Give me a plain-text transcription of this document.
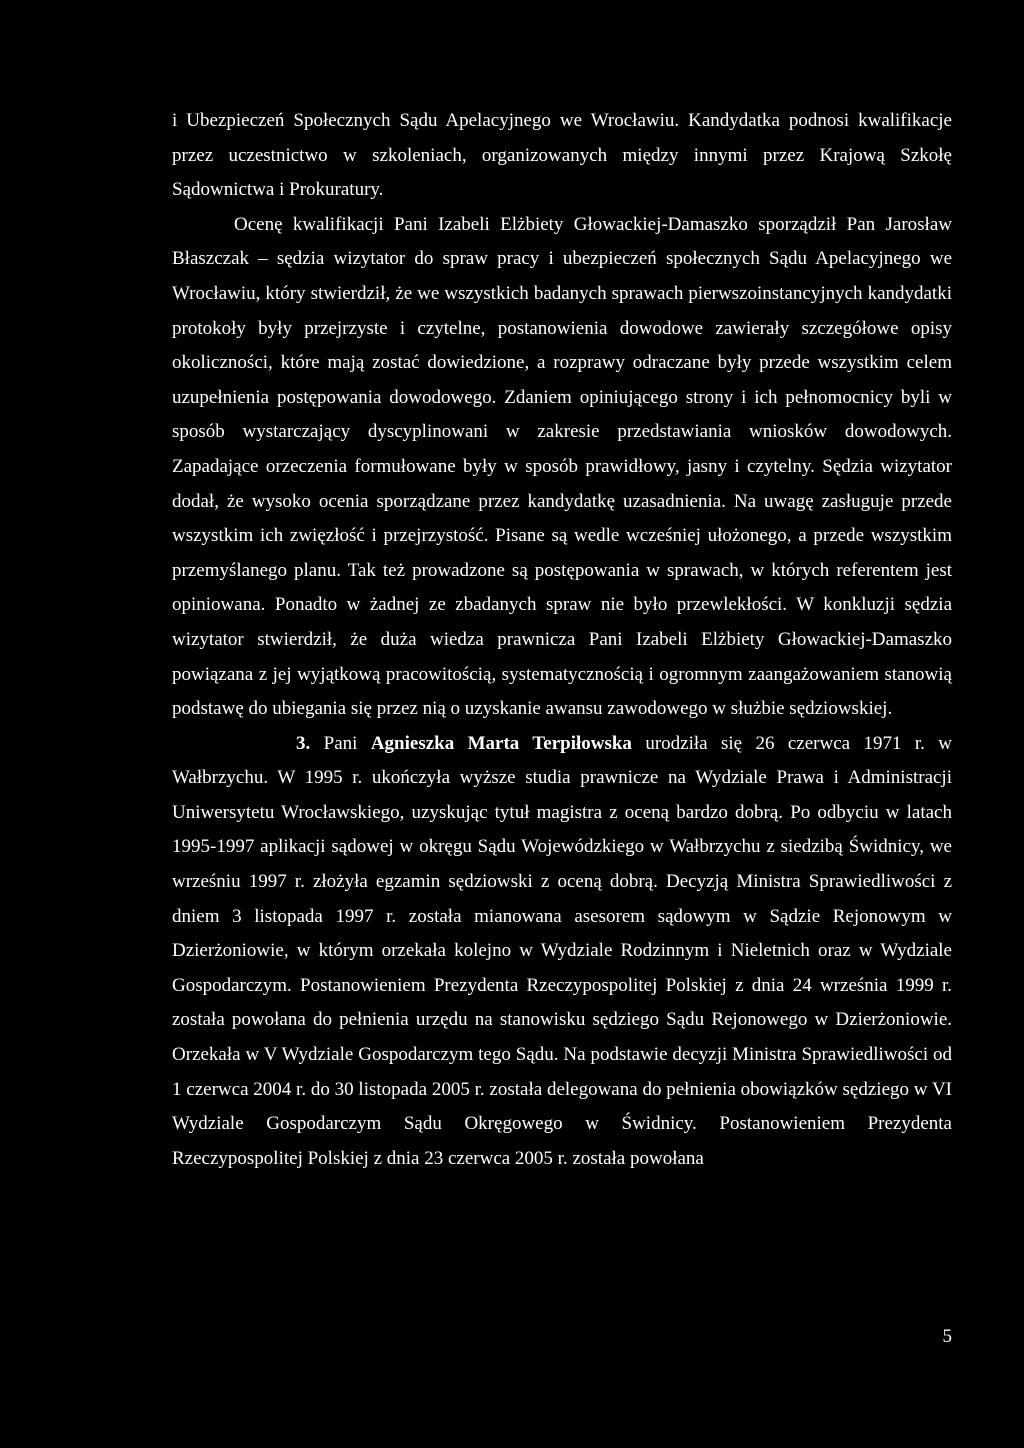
i Ubezpieczeń Społecznych Sądu Apelacyjnego we Wrocławiu. Kandydatka podnosi kwalifikacje przez uczestnictwo w szkoleniach, organizowanych między innymi przez Krajową Szkołę Sądownictwa i Prokuratury.

Ocenę kwalifikacji Pani Izabeli Elżbiety Głowackiej-Damaszko sporządził Pan Jarosław Błaszczak – sędzia wizytator do spraw pracy i ubezpieczeń społecznych Sądu Apelacyjnego we Wrocławiu, który stwierdził, że we wszystkich badanych sprawach pierwszoinstancyjnych kandydatki protokoły były przejrzyste i czytelne, postanowienia dowodowe zawierały szczegółowe opisy okoliczności, które mają zostać dowiedzione, a rozprawy odraczane były przede wszystkim celem uzupełnienia postępowania dowodowego. Zdaniem opiniującego strony i ich pełnomocnicy byli w sposób wystarczający dyscyplinowani w zakresie przedstawiania wniosków dowodowych. Zapadające orzeczenia formułowane były w sposób prawidłowy, jasny i czytelny. Sędzia wizytator dodał, że wysoko ocenia sporządzane przez kandydatkę uzasadnienia. Na uwagę zasługuje przede wszystkim ich zwięzłość i przejrzystość. Pisane są wedle wcześniej ułożonego, a przede wszystkim przemyślanego planu. Tak też prowadzone są postępowania w sprawach, w których referentem jest opiniowana. Ponadto w żadnej ze zbadanych spraw nie było przewlekłości. W konkluzji sędzia wizytator stwierdził, że duża wiedza prawnicza Pani Izabeli Elżbiety Głowackiej-Damaszko powiązana z jej wyjątkową pracowitością, systematycznością i ogromnym zaangażowaniem stanowią podstawę do ubiegania się przez nią o uzyskanie awansu zawodowego w służbie sędziowskiej.

3. Pani Agnieszka Marta Terpiłowska urodziła się 26 czerwca 1971 r. w Wałbrzychu. W 1995 r. ukończyła wyższe studia prawnicze na Wydziale Prawa i Administracji Uniwersytetu Wrocławskiego, uzyskując tytuł magistra z oceną bardzo dobrą. Po odbyciu w latach 1995-1997 aplikacji sądowej w okręgu Sądu Wojewódzkiego w Wałbrzychu z siedzibą Świdnicy, we wrześniu 1997 r. złożyła egzamin sędziowski z oceną dobrą. Decyzją Ministra Sprawiedliwości z dniem 3 listopada 1997 r. została mianowana asesorem sądowym w Sądzie Rejonowym w Dzierżoniowie, w którym orzekała kolejno w Wydziale Rodzinnym i Nieletnich oraz w Wydziale Gospodarczym. Postanowieniem Prezydenta Rzeczypospolitej Polskiej z dnia 24 września 1999 r. została powołana do pełnienia urzędu na stanowisku sędziego Sądu Rejonowego w Dzierżoniowie. Orzekała w V Wydziale Gospodarczym tego Sądu. Na podstawie decyzji Ministra Sprawiedliwości od 1 czerwca 2004 r. do 30 listopada 2005 r. została delegowana do pełnienia obowiązków sędziego w VI Wydziale Gospodarczym Sądu Okręgowego w Świdnicy. Postanowieniem Prezydenta Rzeczypospolitej Polskiej z dnia 23 czerwca 2005 r. została powołana

5
